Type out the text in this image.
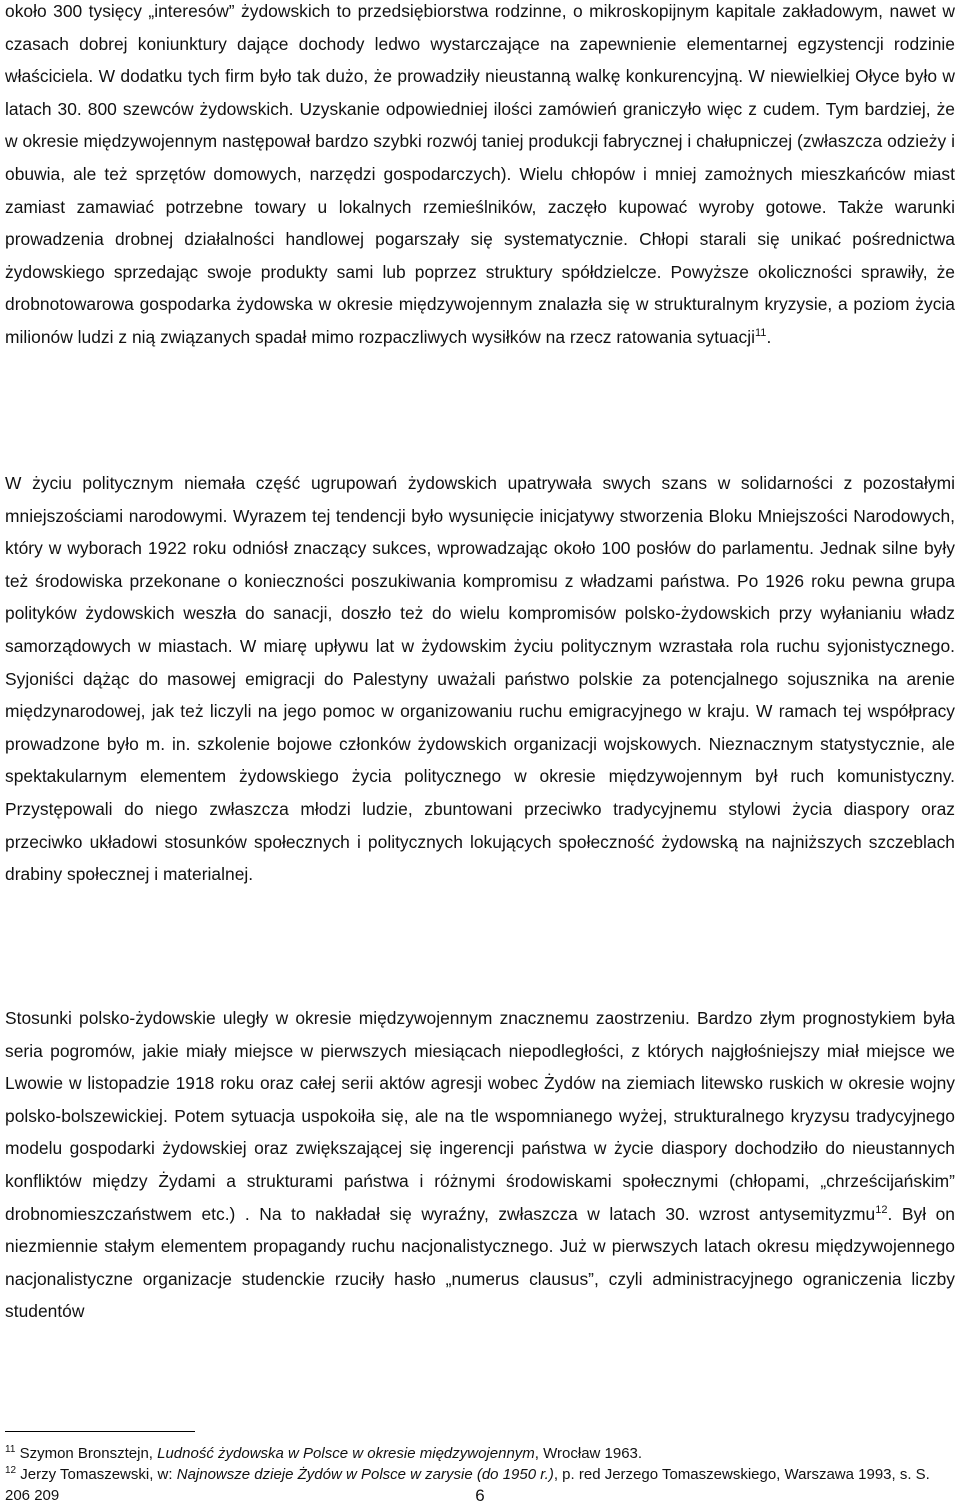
około 300 tysięcy „interesów” żydowskich to przedsiębiorstwa rodzinne, o mikroskopijnym kapitale zakładowym, nawet w czasach dobrej koniunktury dające dochody ledwo wystarczające na zapewnienie elementarnej egzystencji rodzinie właściciela. W dodatku tych firm było tak dużo, że prowadziły nieustanną walkę konkurencyjną. W niewielkiej Ołyce było w latach 30. 800 szewców żydowskich. Uzyskanie odpowiedniej ilości zamówień graniczyło więc z cudem. Tym bardziej, że w okresie międzywojennym następował bardzo szybki rozwój taniej produkcji fabrycznej i chałupniczej (zwłaszcza odzieży i obuwia, ale też sprzętów domowych, narzędzi gospodarczych). Wielu chłopów i mniej zamożnych mieszkańców miast zamiast zamawiać potrzebne towary u lokalnych rzemieślników, zaczęło kupować wyroby gotowe. Także warunki prowadzenia drobnej działalności handlowej pogarszały się systematycznie. Chłopi starali się unikać pośrednictwa żydowskiego sprzedając swoje produkty sami lub poprzez struktury spółdzielcze. Powyższe okoliczności sprawiły, że drobnotowarowa gospodarka żydowska w okresie międzywojennym znalazła się w strukturalnym kryzysie, a poziom życia milionów ludzi z nią związanych spadał mimo rozpaczliwych wysiłków na rzecz ratowania sytuacji$^{11}$.

W życiu politycznym niemała część ugrupowań żydowskich upatrywała swych szans w solidarności z pozostałymi mniejszościami narodowymi. Wyrazem tej tendencji było wysunięcie inicjatywy stworzenia Bloku Mniejszości Narodowych, który w wyborach 1922 roku odniósł znaczący sukces, wprowadzając około 100 posłów do parlamentu. Jednak silne były też środowiska przekonane o konieczności poszukiwania kompromisu z władzami państwa. Po 1926 roku pewna grupa polityków żydowskich weszła do sanacji, doszło też do wielu kompromisów polsko-żydowskich przy wyłanianiu władz samorządowych w miastach. W miarę upływu lat w żydowskim życiu politycznym wzrastała rola ruchu syjonistycznego. Syjoniści dążąc do masowej emigracji do Palestyny uważali państwo polskie za potencjalnego sojusznika na arenie międzynarodowej, jak też liczyli na jego pomoc w organizowaniu ruchu emigracyjnego w kraju. W ramach tej współpracy prowadzone było m. in. szkolenie bojowe członków żydowskich organizacji wojskowych. Nieznacznym statystycznie, ale spektakularnym elementem żydowskiego życia politycznego w okresie międzywojennym był ruch komunistyczny. Przystępowali do niego zwłaszcza młodzi ludzie, zbuntowani przeciwko tradycyjnemu stylowi życia diaspory oraz przeciwko układowi stosunków społecznych i politycznych lokujących społeczność żydowską na najniższych szczeblach drabiny społecznej i materialnej.

Stosunki polsko-żydowskie uległy w okresie międzywojennym znacznemu zaostrzeniu. Bardzo złym prognostykiem była seria pogromów, jakie miały miejsce w pierwszych miesiącach niepodległości, z których najgłośniejszy miał miejsce we Lwowie w listopadzie 1918 roku oraz całej serii aktów agresji wobec Żydów na ziemiach litewsko ruskich w okresie wojny polsko-bolszewickiej. Potem sytuacja uspokoiła się, ale na tle wspomnianego wyżej, strukturalnego kryzysu tradycyjnego modelu gospodarki żydowskiej oraz zwiększającej się ingerencji państwa w życie diaspory dochodziło do nieustannych konfliktów między Żydami a strukturami państwa i różnymi środowiskami społecznymi (chłopami, „chrześcijańskim” drobnomieszczaństwem etc.) . Na to nakładał się wyraźny, zwłaszcza w latach 30. wzrost antysemityzmu$^{12}$. Był on niezmiennie stałym elementem propagandy ruchu nacjonalistycznego. Już w pierwszych latach okresu międzywojennego nacjonalistyczne organizacje studenckie rzuciły hasło „numerus clausus”, czyli administracyjnego ograniczenia liczby studentów

$^{11}$ Szymon Bronsztejn, Ludność żydowska w Polsce w okresie międzywojennym, Wrocław 1963.

$^{12}$ Jerzy Tomaszewski, w: Najnowsze dzieje Żydów w Polsce w zarysie (do 1950 r.), p. red Jerzego Tomaszewskiego, Warszawa 1993, s. S. 206 209	6
